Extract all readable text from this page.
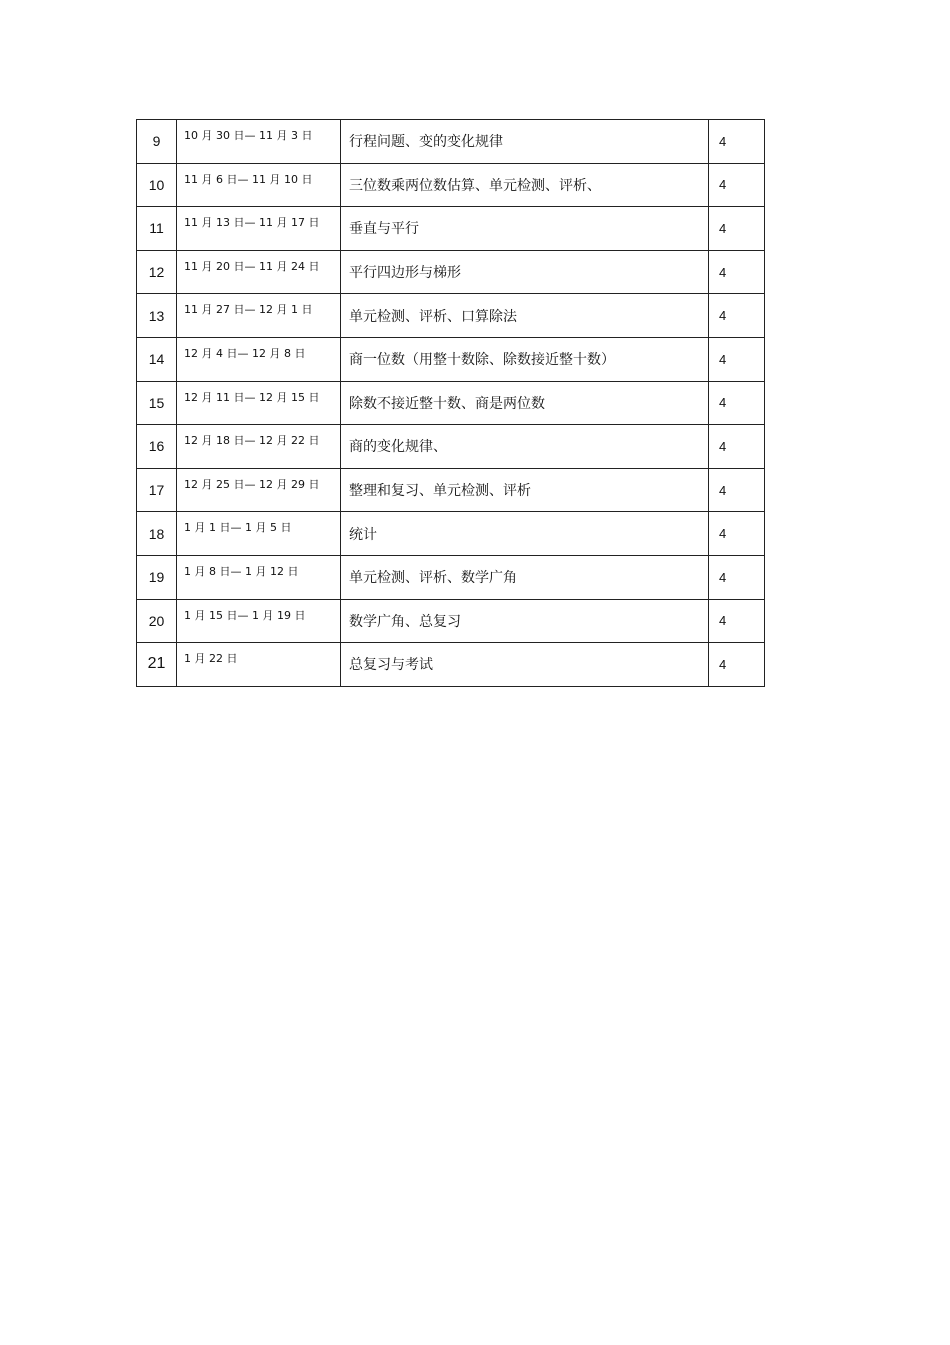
9	10 月 30 日— 11 月 3 日	行程问题、变的变化规律	4
10	11 月 6 日— 11 月 10 日	三位数乘两位数估算、单元检测、评析、	4
11	11 月 13 日— 11 月 17 日	垂直与平行	4
12	11 月 20 日— 11 月 24 日	平行四边形与梯形	4
13	11 月 27 日— 12 月 1 日	单元检测、评析、口算除法	4
14	12 月 4 日— 12 月 8 日	商一位数（用整十数除、除数接近整十数）	4
15	12 月 11 日— 12 月 15 日	除数不接近整十数、商是两位数	4
16	12 月 18 日— 12 月 22 日	商的变化规律、	4
17	12 月 25 日— 12 月 29 日	整理和复习、单元检测、评析	4
18	1 月 1 日— 1 月 5 日	统计	4
19	1 月 8 日— 1 月 12 日	单元检测、评析、数学广角	4
20	1 月 15 日— 1 月 19 日	数学广角、总复习	4
21	1 月 22 日	总复习与考试	4
